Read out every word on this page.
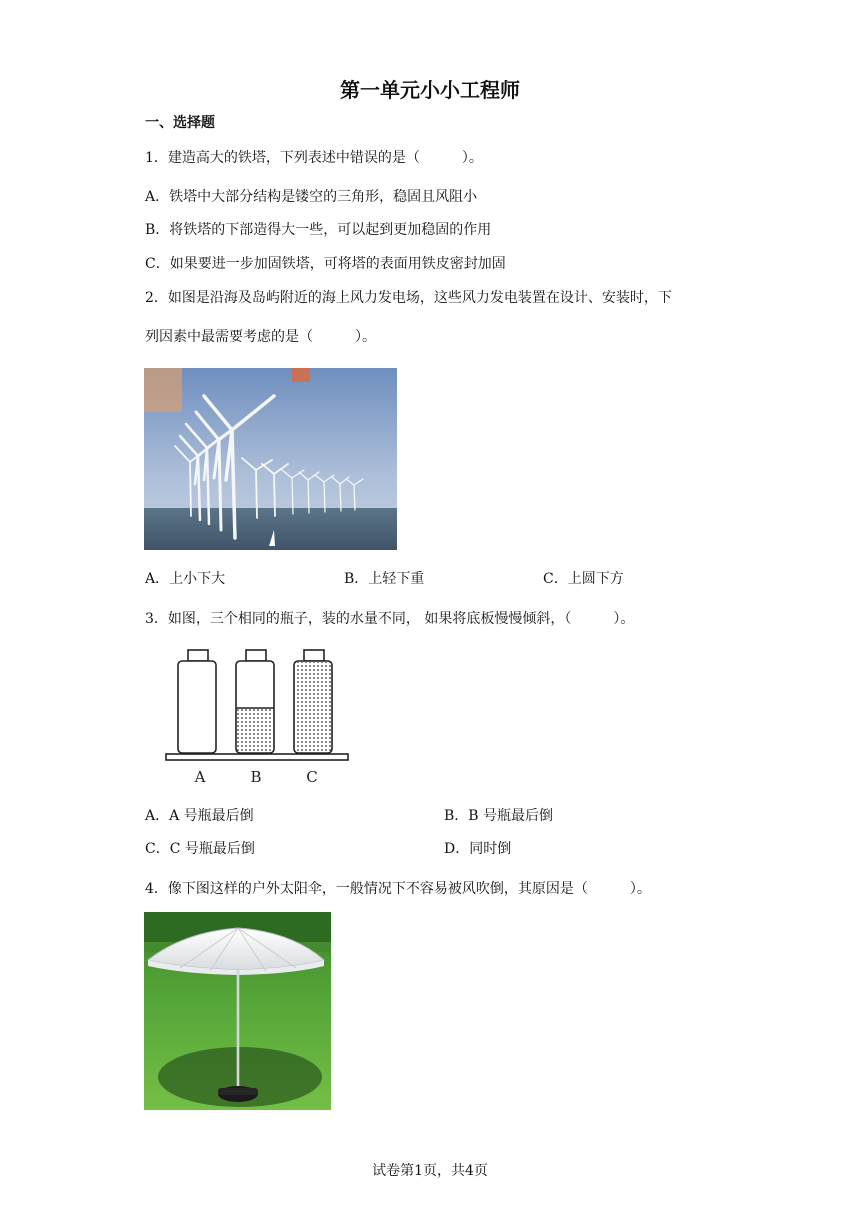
第一单元小小工程师
一、选择题
1．建造高大的铁塔，下列表述中错误的是（　　　）。
A．铁塔中大部分结构是镂空的三角形，稳固且风阻小
B．将铁塔的下部造得大一些，可以起到更加稳固的作用
C．如果要进一步加固铁塔，可将塔的表面用铁皮密封加固
2．如图是沿海及岛屿附近的海上风力发电场，这些风力发电装置在设计、安装时，下
列因素中最需要考虑的是（　　　）。
A．上小下大	B．上轻下重	C．上圆下方
3．如图，三个相同的瓶子，装的水量不同， 如果将底板慢慢倾斜，（　　　）。
A	B	C
A．A 号瓶最后倒	B．B 号瓶最后倒
C．C 号瓶最后倒	D．同时倒
4．像下图这样的户外太阳伞，一般情况下不容易被风吹倒，其原因是（　　　）。
试卷第1页，共4页
